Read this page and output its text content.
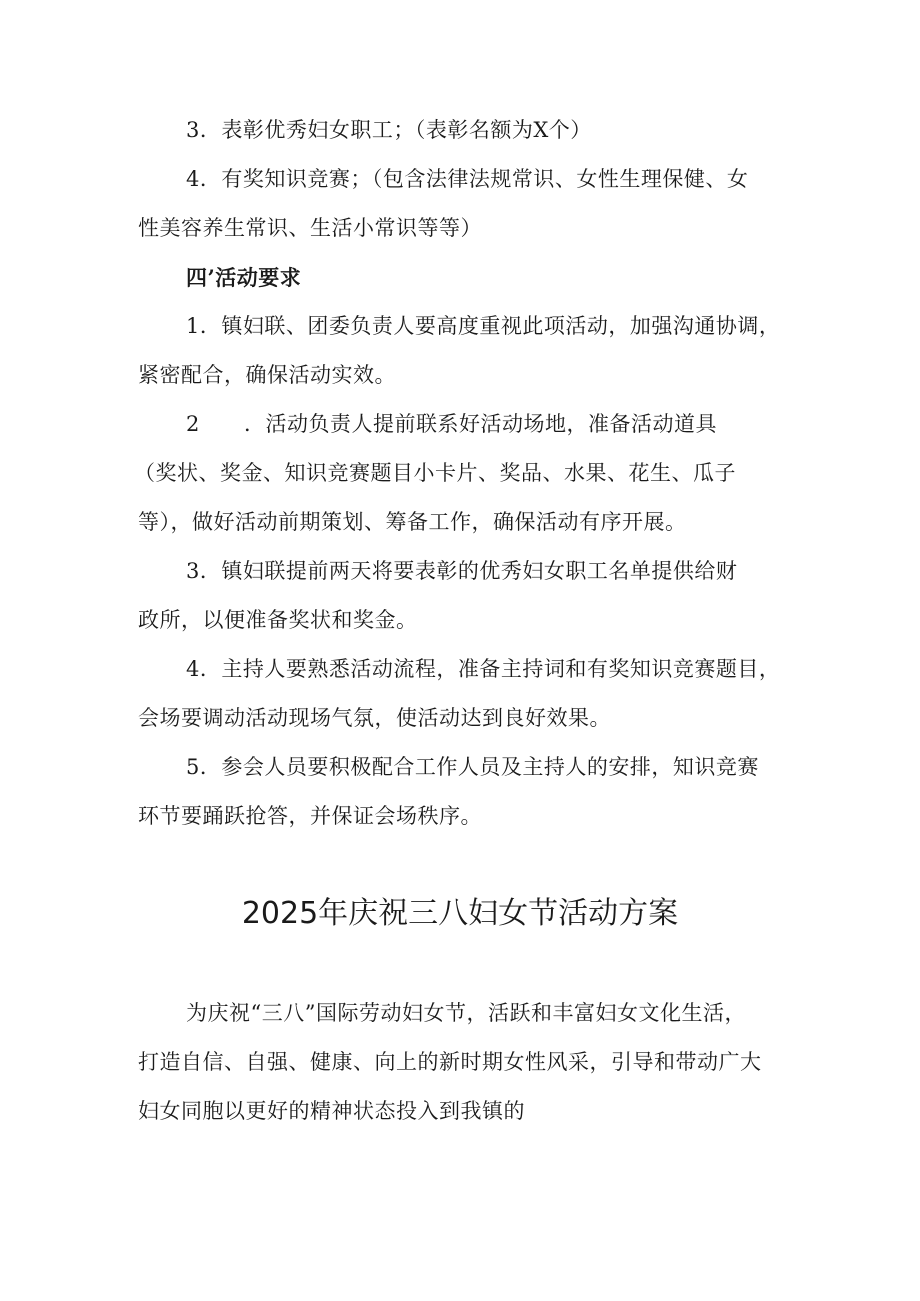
3．表彰优秀妇女职工；（表彰名额为X个）
4．有奖知识竞赛；（包含法律法规常识、女性生理保健、女
性美容养生常识、生活小常识等等）
四’活动要求
1．镇妇联、团委负责人要高度重视此项活动，加强沟通协调，
紧密配合，确保活动实效。
2 ．活动负责人提前联系好活动场地，准备活动道具
（奖状、奖金、知识竞赛题目小卡片、奖品、水果、花生、瓜子
等），做好活动前期策划、筹备工作，确保活动有序开展。
3．镇妇联提前两天将要表彰的优秀妇女职工名单提供给财
政所，以便准备奖状和奖金。
4．主持人要熟悉活动流程，准备主持词和有奖知识竞赛题目，
会场要调动活动现场气氛，使活动达到良好效果。
5．参会人员要积极配合工作人员及主持人的安排，知识竞赛
环节要踊跃抢答，并保证会场秩序。
2025年庆祝三八妇女节活动方案
为庆祝“三八”国际劳动妇女节，活跃和丰富妇女文化生活，
打造自信、自强、健康、向上的新时期女性风采，引导和带动广大
妇女同胞以更好的精神状态投入到我镇的
